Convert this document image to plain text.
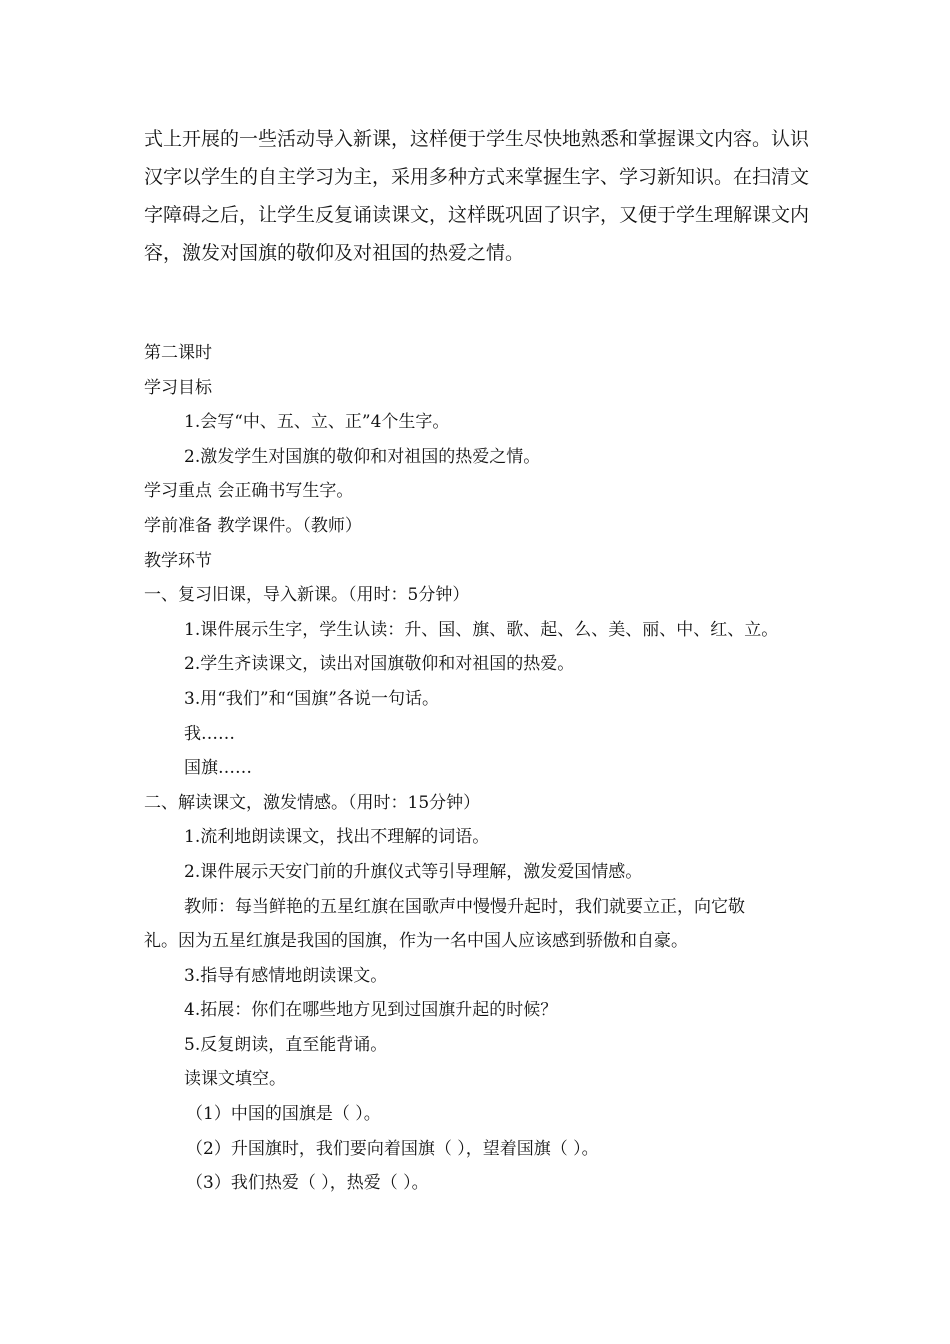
式上开展的一些活动导入新课，这样便于学生尽快地熟悉和掌握课文内容。认识

汉字以学生的自主学习为主，采用多种方式来掌握生字、学习新知识。在扫清文

字障碍之后，让学生反复诵读课文，这样既巩固了识字，又便于学生理解课文内

容，激发对国旗的敬仰及对祖国的热爱之情。

第二课时
学习目标
1.会写“中、五、立、正”4个生字。
2.激发学生对国旗的敬仰和对祖国的热爱之情。
学习重点 会正确书写生字。
学前准备 教学课件。（教师）
教学环节
一、复习旧课，导入新课。（用时：5分钟）
1.课件展示生字，学生认读：升、国、旗、歌、起、么、美、丽、中、红、立。
2.学生齐读课文，读出对国旗敬仰和对祖国的热爱。
3.用“我们”和“国旗”各说一句话。
我……
国旗……
二、解读课文，激发情感。（用时：15分钟）
1.流利地朗读课文，找出不理解的词语。
2.课件展示天安门前的升旗仪式等引导理解，激发爱国情感。
教师：每当鲜艳的五星红旗在国歌声中慢慢升起时，我们就要立正，向它敬
礼。因为五星红旗是我国的国旗，作为一名中国人应该感到骄傲和自豪。
3.指导有感情地朗读课文。
4.拓展：你们在哪些地方见到过国旗升起的时候？
5.反复朗读，直至能背诵。
读课文填空。
（1）中国的国旗是（ ）。
（2）升国旗时，我们要向着国旗（ ），望着国旗（ ）。
（3）我们热爱（ ），热爱（ ）。
